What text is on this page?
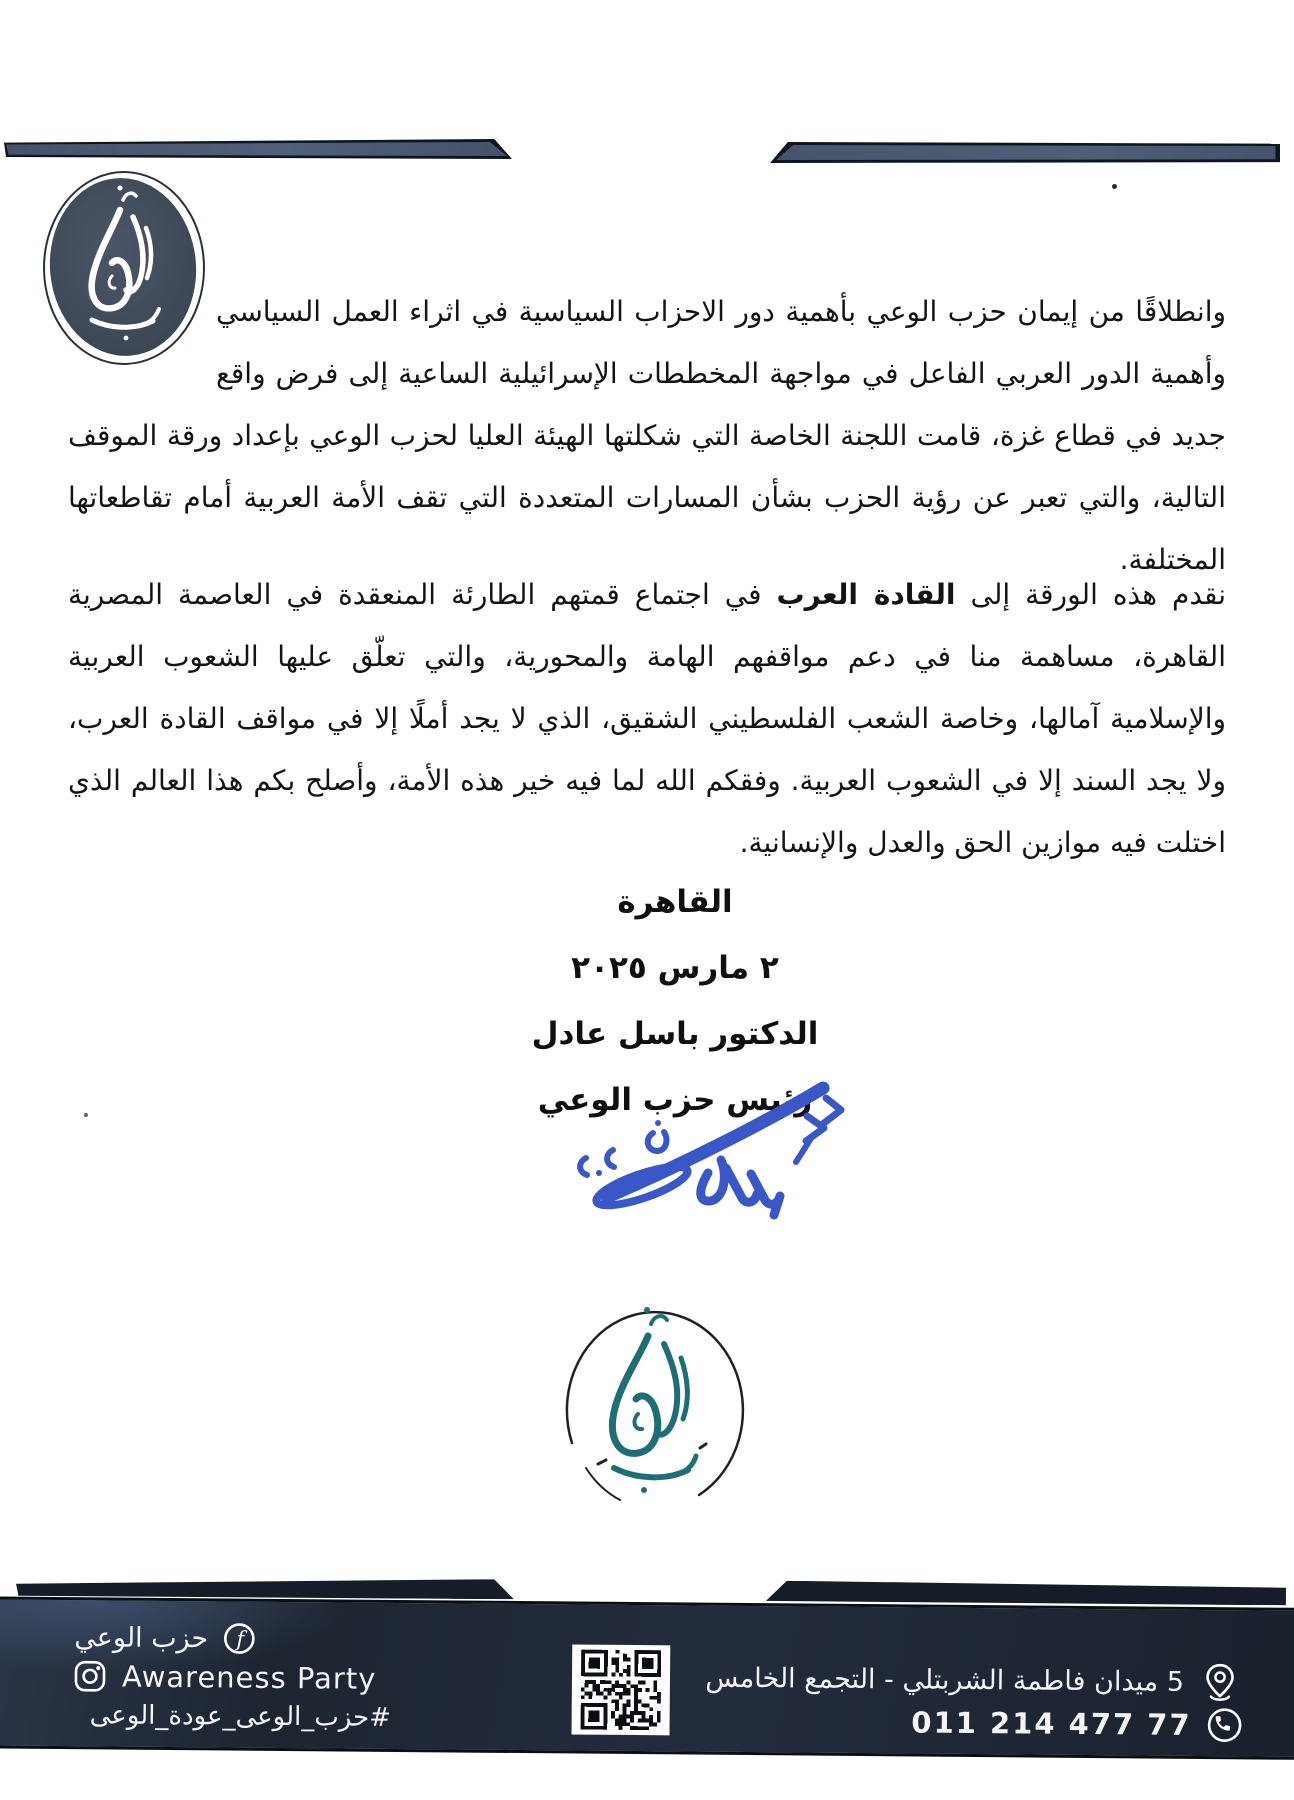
وانطلاقًا من إيمان حزب الوعي بأهمية دور الاحزاب السياسية في اثراء العمل السياسي وأهمية الدور العربي الفاعل في مواجهة المخططات الإسرائيلية الساعية إلى فرض واقع جديد في قطاع غزة، قامت اللجنة الخاصة التي شكلتها الهيئة العليا لحزب الوعي بإعداد ورقة الموقف التالية، والتي تعبر عن رؤية الحزب بشأن المسارات المتعددة التي تقف الأمة العربية أمام تقاطعاتها المختلفة.
نقدم هذه الورقة إلى القادة العرب في اجتماع قمتهم الطارئة المنعقدة في العاصمة المصرية القاهرة، مساهمة منا في دعم مواقفهم الهامة والمحورية، والتي تعلّق عليها الشعوب العربية والإسلامية آمالها، وخاصة الشعب الفلسطيني الشقيق، الذي لا يجد أملًا إلا في مواقف القادة العرب، ولا يجد السند إلا في الشعوب العربية. وفقكم الله لما فيه خير هذه الأمة، وأصلح بكم هذا العالم الذي اختلت فيه موازين الحق والعدل والإنسانية.
القاهرة
٢ مارس ٢٠٢٥
الدكتور باسل عادل
رئيس حزب الوعي
f
حزب الوعي
Awareness Party
#حزب_الوعى_عودة_الوعى
5 ميدان فاطمة الشربتلي - التجمع الخامس
011 214 477 77
